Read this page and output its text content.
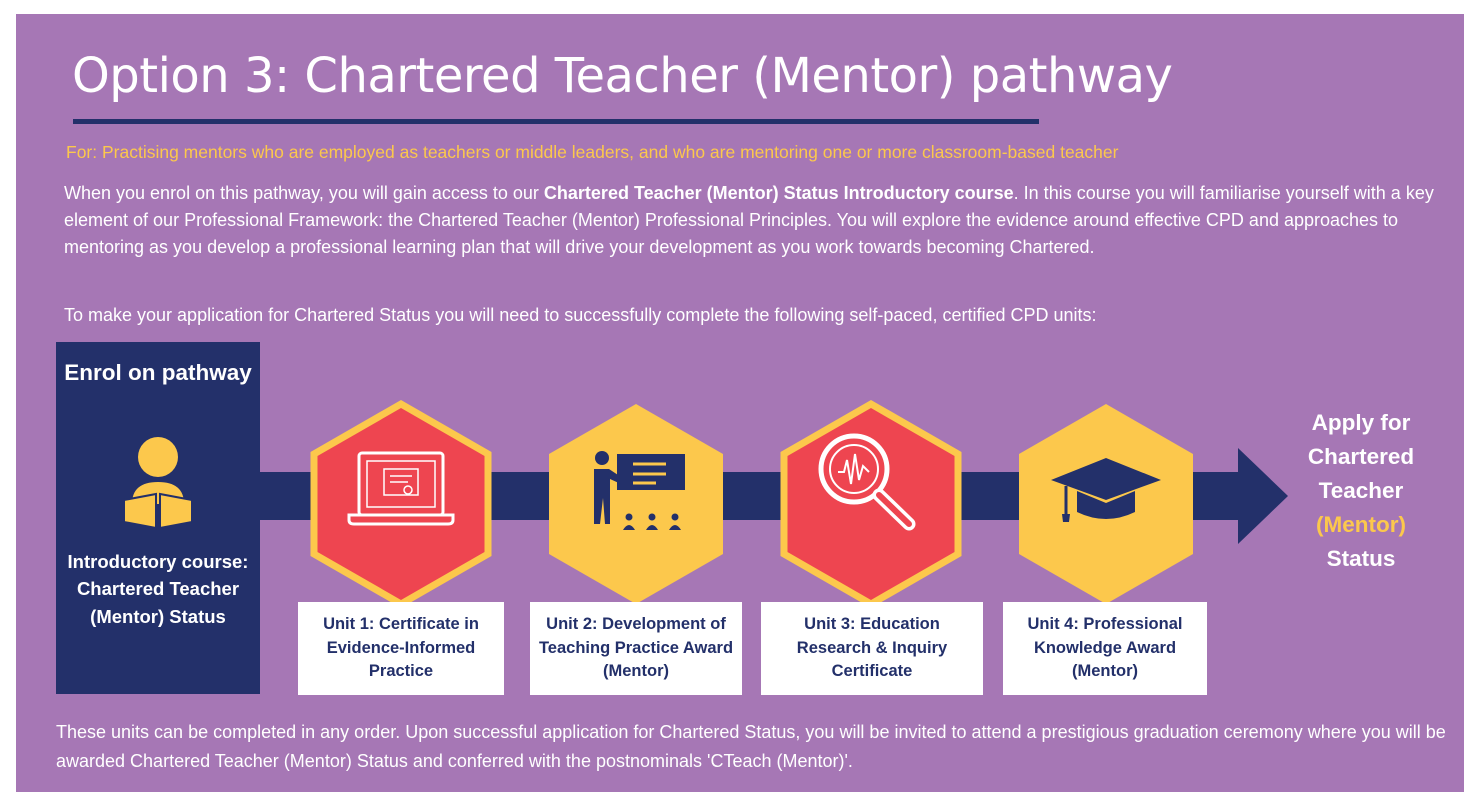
Option 3: Chartered Teacher (Mentor) pathway
For: Practising mentors who are employed as teachers or middle leaders, and who are mentoring one or more classroom-based teacher
When you enrol on this pathway, you will gain access to our Chartered Teacher (Mentor) Status Introductory course. In this course you will familiarise yourself with a key element of our Professional Framework: the Chartered Teacher (Mentor) Professional Principles. You will explore the evidence around effective CPD and approaches to mentoring as you develop a professional learning plan that will drive your development as you work towards becoming Chartered.
To make your application for Chartered Status you will need to successfully complete the following self-paced, certified CPD units:
Enrol on pathway
Introductory course: Chartered Teacher (Mentor) Status	Unit 1: Certificate in Evidence-Informed Practice
Unit 2: Development of Teaching Practice Award (Mentor)
Unit 3: Education Research & Inquiry Certificate
Unit 4: Professional Knowledge Award (Mentor)
Apply for
Chartered
Teacher
(Mentor)
Status
These units can be completed in any order. Upon successful application for Chartered Status, you will be invited to attend a prestigious graduation ceremony where you will be awarded Chartered Teacher (Mentor) Status and conferred with the postnominals 'CTeach (Mentor)'.
